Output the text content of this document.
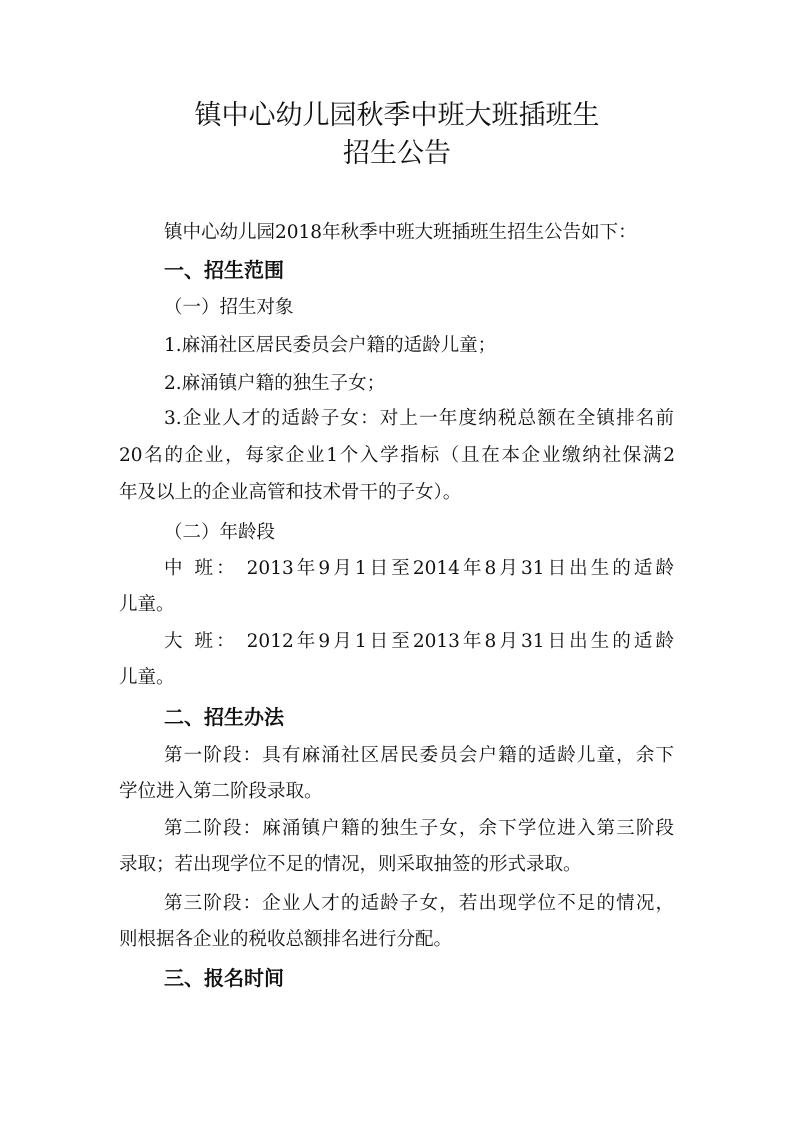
镇中心幼儿园秋季中班大班插班生
招生公告
镇中心幼儿园2018年秋季中班大班插班生招生公告如下：
一、招生范围
（一）招生对象
1.麻涌社区居民委员会户籍的适龄儿童；
2.麻涌镇户籍的独生子女；
3.企业人才的适龄子女：对上一年度纳税总额在全镇排名前
20名的企业，每家企业1个入学指标（且在本企业缴纳社保满2
年及以上的企业高管和技术骨干的子女）。
（二）年龄段
中 班： 2013年9月1日至2014年8月31日出生的适龄
儿童。
大 班： 2012年9月1日至2013年8月31日出生的适龄
儿童。
二、招生办法
第一阶段：具有麻涌社区居民委员会户籍的适龄儿童，余下
学位进入第二阶段录取。
第二阶段：麻涌镇户籍的独生子女，余下学位进入第三阶段
录取；若出现学位不足的情况，则采取抽签的形式录取。
第三阶段：企业人才的适龄子女，若出现学位不足的情况，
则根据各企业的税收总额排名进行分配。
三、报名时间
